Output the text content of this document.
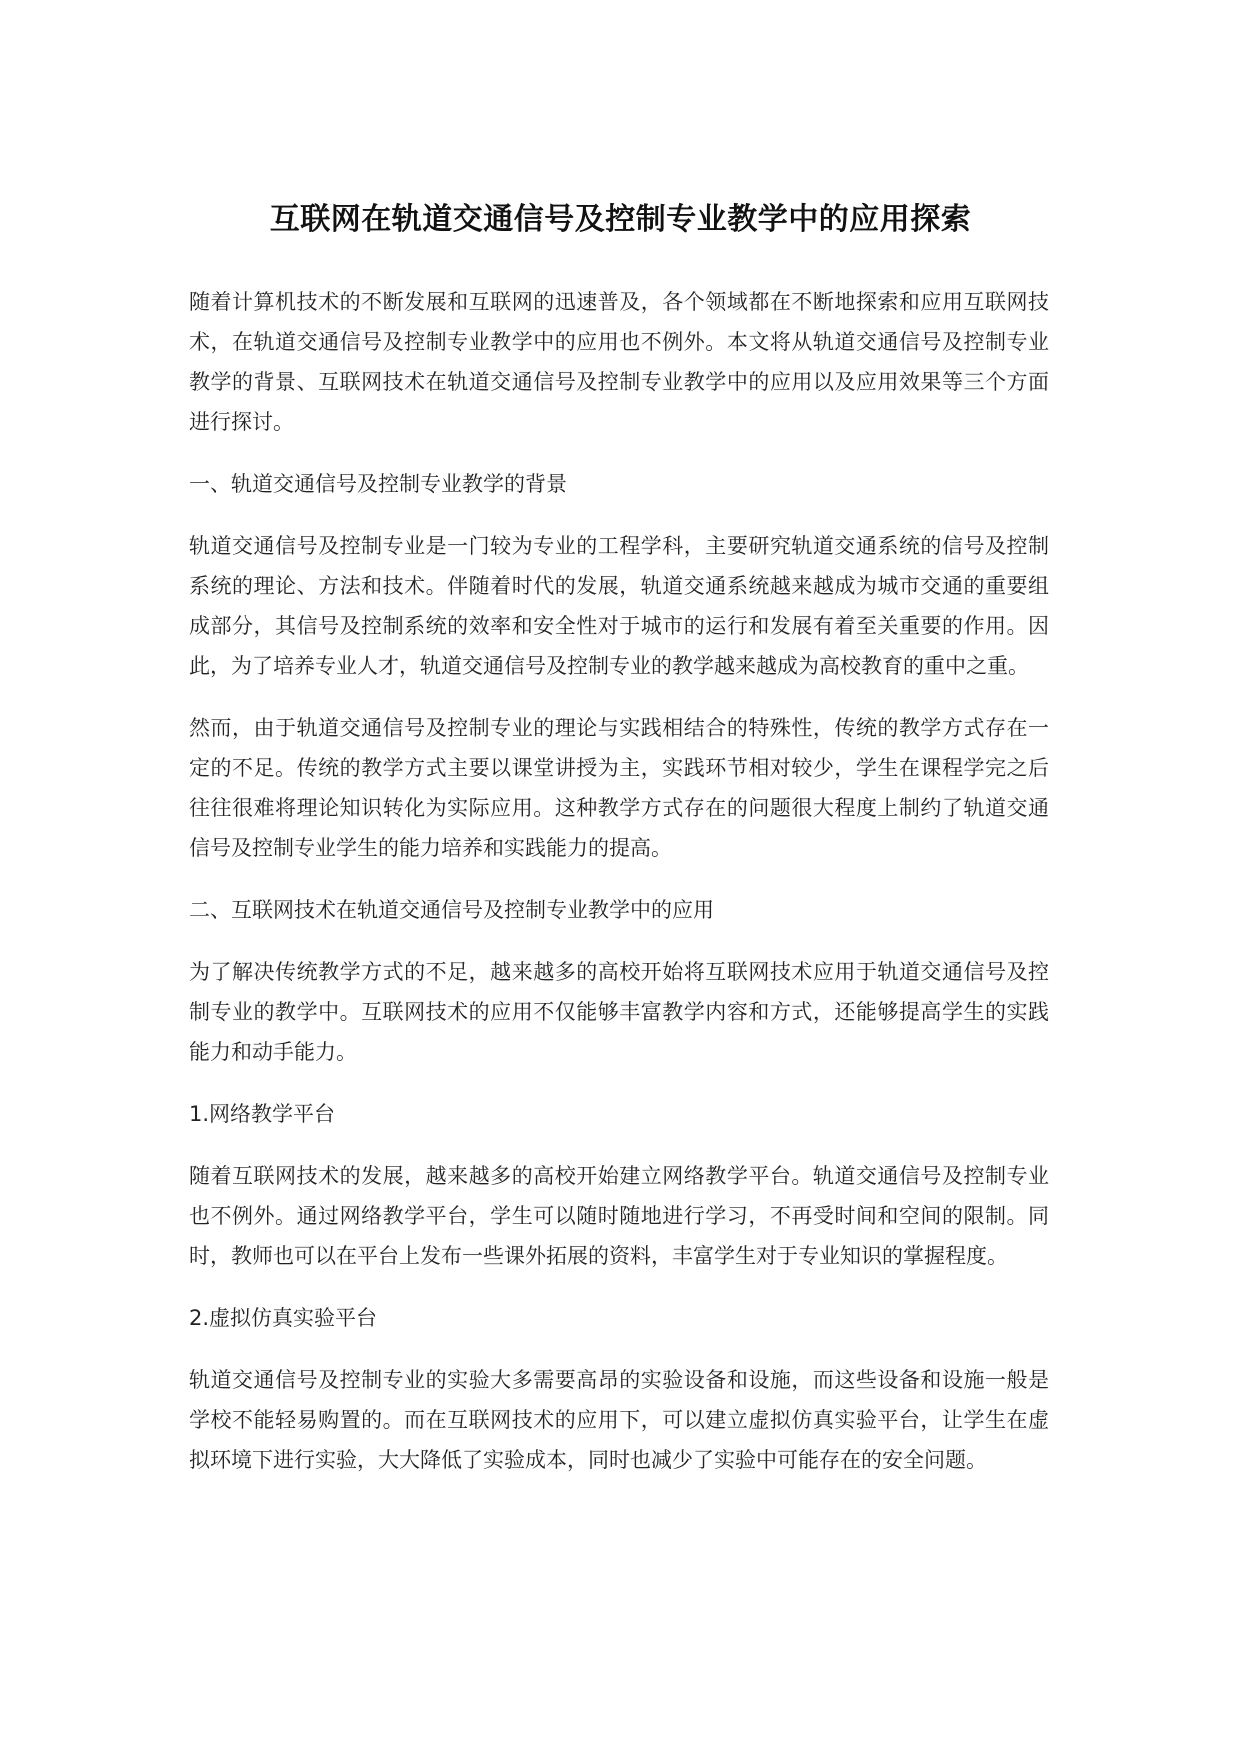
互联网在轨道交通信号及控制专业教学中的应用探索

随着计算机技术的不断发展和互联网的迅速普及，各个领域都在不断地探索和应用互联网技术，在轨道交通信号及控制专业教学中的应用也不例外。本文将从轨道交通信号及控制专业教学的背景、互联网技术在轨道交通信号及控制专业教学中的应用以及应用效果等三个方面进行探讨。

一、轨道交通信号及控制专业教学的背景

轨道交通信号及控制专业是一门较为专业的工程学科，主要研究轨道交通系统的信号及控制系统的理论、方法和技术。伴随着时代的发展，轨道交通系统越来越成为城市交通的重要组成部分，其信号及控制系统的效率和安全性对于城市的运行和发展有着至关重要的作用。因此，为了培养专业人才，轨道交通信号及控制专业的教学越来越成为高校教育的重中之重。

然而，由于轨道交通信号及控制专业的理论与实践相结合的特殊性，传统的教学方式存在一定的不足。传统的教学方式主要以课堂讲授为主，实践环节相对较少，学生在课程学完之后往往很难将理论知识转化为实际应用。这种教学方式存在的问题很大程度上制约了轨道交通信号及控制专业学生的能力培养和实践能力的提高。

二、互联网技术在轨道交通信号及控制专业教学中的应用

为了解决传统教学方式的不足，越来越多的高校开始将互联网技术应用于轨道交通信号及控制专业的教学中。互联网技术的应用不仅能够丰富教学内容和方式，还能够提高学生的实践能力和动手能力。

1.网络教学平台

随着互联网技术的发展，越来越多的高校开始建立网络教学平台。轨道交通信号及控制专业也不例外。通过网络教学平台，学生可以随时随地进行学习，不再受时间和空间的限制。同时，教师也可以在平台上发布一些课外拓展的资料，丰富学生对于专业知识的掌握程度。

2.虚拟仿真实验平台

轨道交通信号及控制专业的实验大多需要高昂的实验设备和设施，而这些设备和设施一般是学校不能轻易购置的。而在互联网技术的应用下，可以建立虚拟仿真实验平台，让学生在虚拟环境下进行实验，大大降低了实验成本，同时也减少了实验中可能存在的安全问题。
